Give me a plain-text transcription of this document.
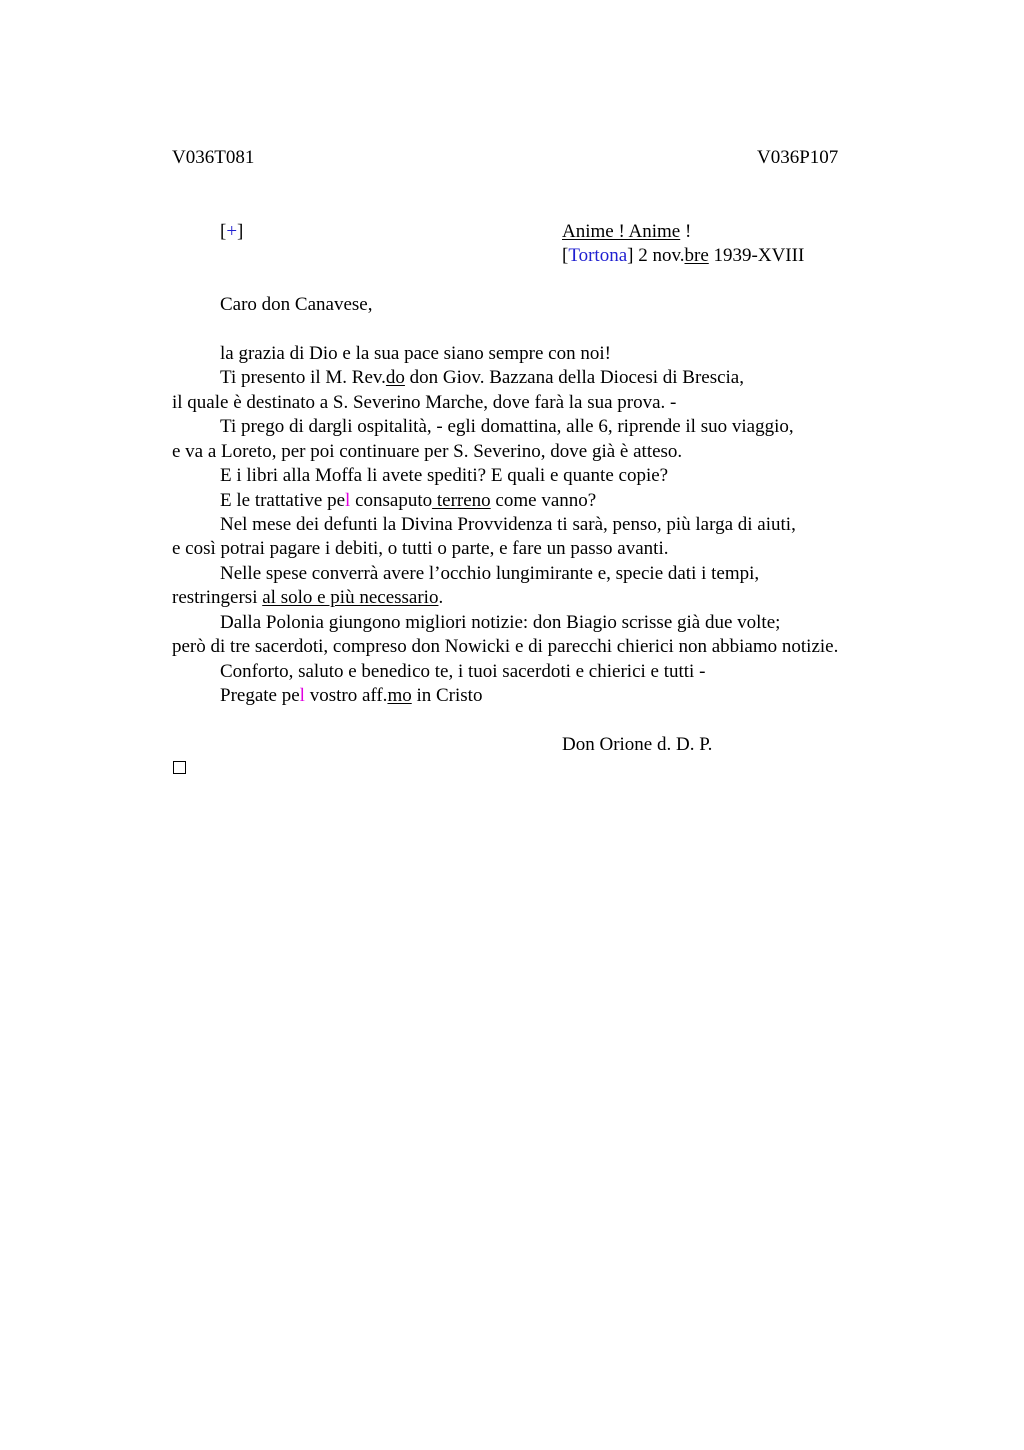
V036T081	V036P107
[+]	Anime ! Anime !
[Tortona] 2 nov.bre 1939-XVIII
Caro don Canavese,
la grazia di Dio e la sua pace siano sempre con noi!
Ti presento il M. Rev.do don Giov. Bazzana della Diocesi di Brescia,
il quale è destinato a S. Severino Marche, dove farà la sua prova. -
Ti prego di dargli ospitalità, - egli domattina, alle 6, riprende il suo viaggio,
e va a Loreto, per poi continuare per S. Severino, dove già è atteso.
E i libri alla Moffa li avete spediti? E quali e quante copie?
E le trattative pel consaputo terreno come vanno?
Nel mese dei defunti la Divina Provvidenza ti sarà, penso, più larga di aiuti,
e così potrai pagare i debiti, o tutti o parte, e fare un passo avanti.
Nelle spese converrà avere l’occhio lungimirante e, specie dati i tempi,
restringersi al solo e più necessario.
Dalla Polonia giungono migliori notizie: don Biagio scrisse già due volte;
però di tre sacerdoti, compreso don Nowicki e di parecchi chierici non abbiamo notizie.
Conforto, saluto e benedico te, i tuoi sacerdoti e chierici e tutti -
Pregate pel vostro aff.mo in Cristo
Don Orione d. D. P.
